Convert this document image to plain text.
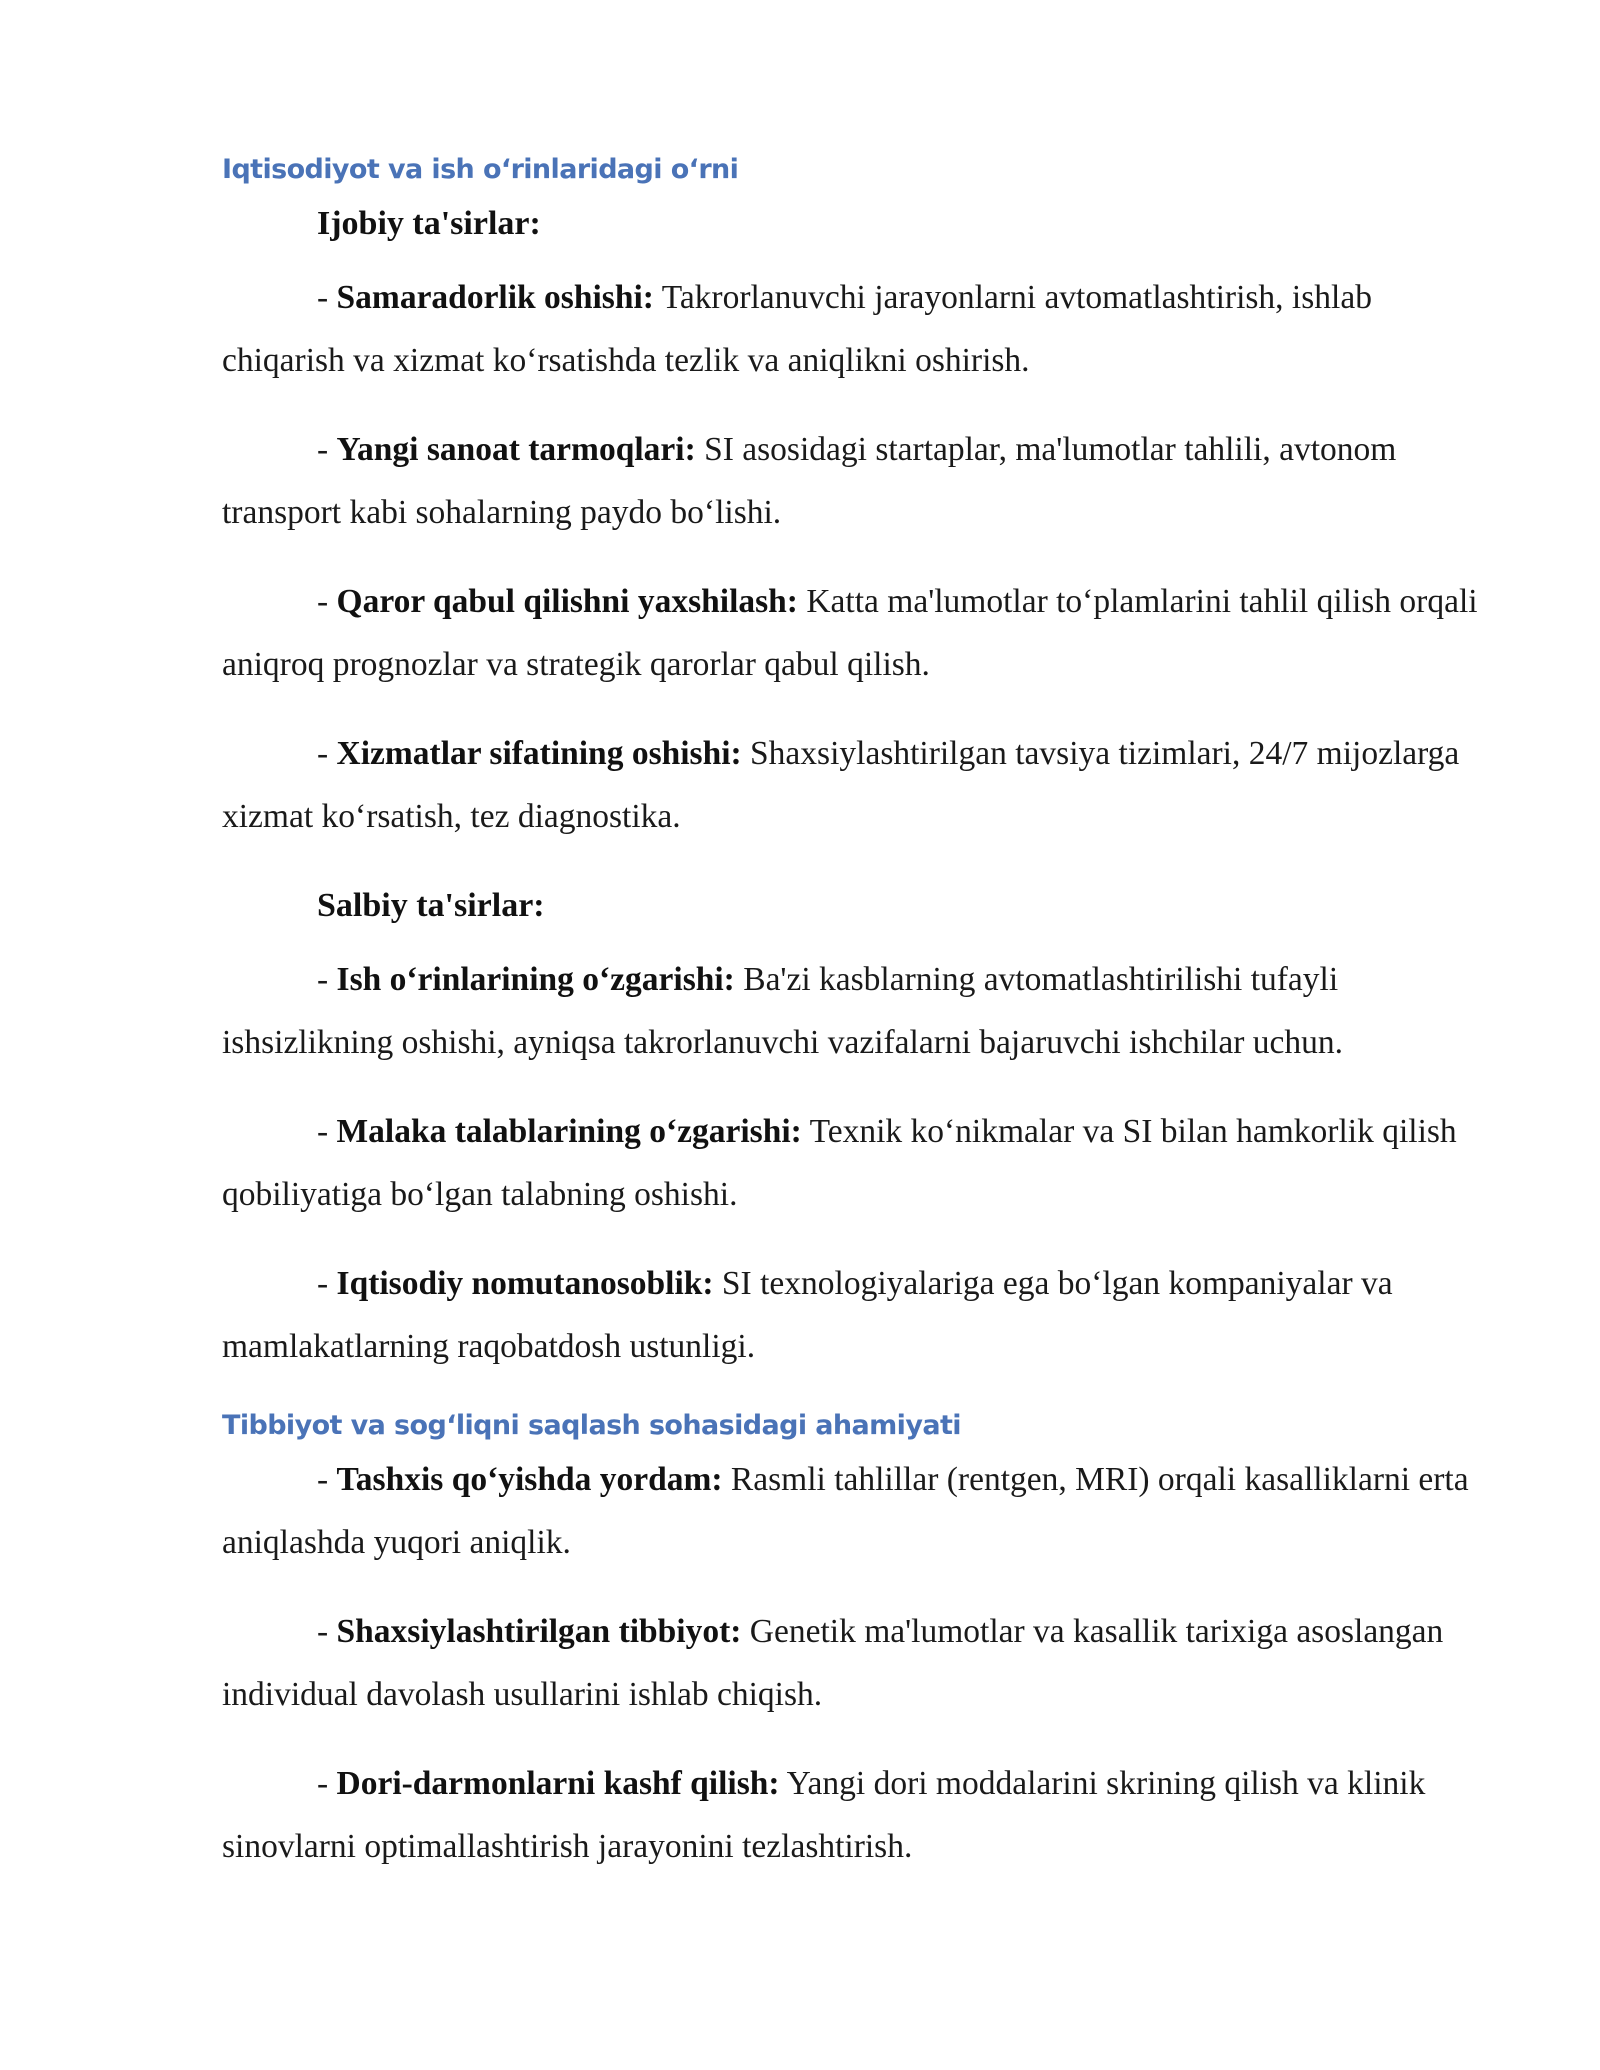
Iqtisodiyot va ish o‘rinlaridagi o‘rni

Ijobiy ta'sirlar:

- Samaradorlik oshishi: Takrorlanuvchi jarayonlarni avtomatlashtirish, ishlab chiqarish va xizmat ko‘rsatishda tezlik va aniqlikni oshirish.

- Yangi sanoat tarmoqlari: SI asosidagi startaplar, ma'lumotlar tahlili, avtonom transport kabi sohalarning paydo bo‘lishi.

- Qaror qabul qilishni yaxshilash: Katta ma'lumotlar to‘plamlarini tahlil qilish orqali aniqroq prognozlar va strategik qarorlar qabul qilish.

- Xizmatlar sifatining oshishi: Shaxsiylashtirilgan tavsiya tizimlari, 24/7 mijozlarga xizmat ko‘rsatish, tez diagnostika.

Salbiy ta'sirlar:

- Ish o‘rinlarining o‘zgarishi: Ba'zi kasblarning avtomatlashtirilishi tufayli ishsizlikning oshishi, ayniqsa takrorlanuvchi vazifalarni bajaruvchi ishchilar uchun.

- Malaka talablarining o‘zgarishi: Texnik ko‘nikmalar va SI bilan hamkorlik qilish qobiliyatiga bo‘lgan talabning oshishi.

- Iqtisodiy nomutanosoblik: SI texnologiyalariga ega bo‘lgan kompaniyalar va mamlakatlarning raqobatdosh ustunligi.

Tibbiyot va sog‘liqni saqlash sohasidagi ahamiyati

- Tashxis qo‘yishda yordam: Rasmli tahlillar (rentgen, MRI) orqali kasalliklarni erta aniqlashda yuqori aniqlik.

- Shaxsiylashtirilgan tibbiyot: Genetik ma'lumotlar va kasallik tarixiga asoslangan individual davolash usullarini ishlab chiqish.

- Dori-darmonlarni kashf qilish: Yangi dori moddalarini skrining qilish va klinik sinovlarni optimallashtirish jarayonini tezlashtirish.
